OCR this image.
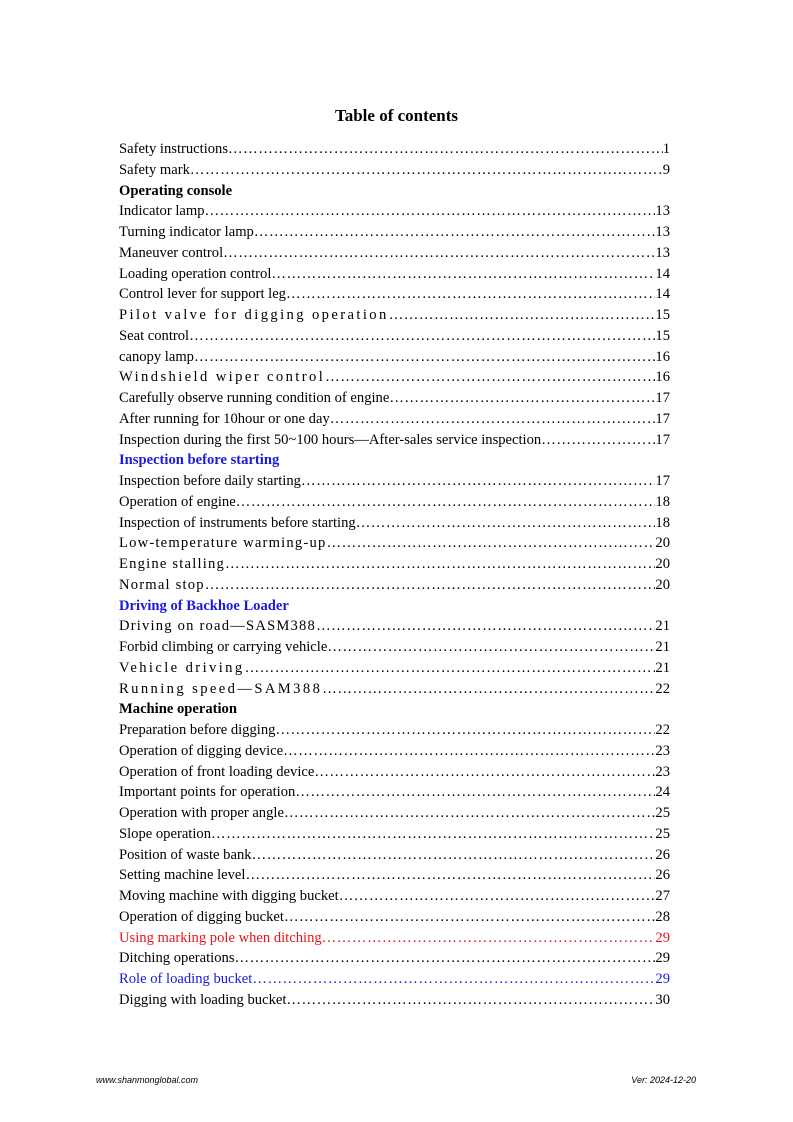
Table of contents
Safety instructions ……………………………………………………………………………………………………………………………………………………………………	1
Safety mark ……………………………………………………………………………………………………………………………………………………………………	9
Operating console
Indicator lamp ……………………………………………………………………………………………………………………………………………………………………	13
Turning indicator lamp ……………………………………………………………………………………………………………………………………………………………………	13
Maneuver control ……………………………………………………………………………………………………………………………………………………………………	13
Loading operation control ……………………………………………………………………………………………………………………………………………………………………	14
Control lever for support leg ……………………………………………………………………………………………………………………………………………………………………	14
Pilot valve for digging operation ……………………………………………………………………………………………………………………………………………………………………	15
Seat control ……………………………………………………………………………………………………………………………………………………………………	15
canopy lamp ……………………………………………………………………………………………………………………………………………………………………	16
Windshield wiper control ……………………………………………………………………………………………………………………………………………………………………	16
Carefully observe running condition of engine ……………………………………………………………………………………………………………………………………………………………………	17
After running for 10hour or one day ……………………………………………………………………………………………………………………………………………………………………	17
Inspection during the first 50~100 hours—After-sales service inspection ……………………………………………………………………………………………………………………………………………………………………	17
Inspection before starting
Inspection before daily starting ……………………………………………………………………………………………………………………………………………………………………	17
Operation of engine ……………………………………………………………………………………………………………………………………………………………………	18
Inspection of instruments before starting ……………………………………………………………………………………………………………………………………………………………………	18
Low-temperature warming-up ……………………………………………………………………………………………………………………………………………………………………	20
Engine stalling ……………………………………………………………………………………………………………………………………………………………………	20
Normal stop ……………………………………………………………………………………………………………………………………………………………………	20
Driving of Backhoe Loader
Driving on road—SASM388 ……………………………………………………………………………………………………………………………………………………………………	21
Forbid climbing or carrying vehicle ……………………………………………………………………………………………………………………………………………………………………	21
Vehicle driving ……………………………………………………………………………………………………………………………………………………………………	21
Running speed—SAM388 ……………………………………………………………………………………………………………………………………………………………………	22
Machine operation
Preparation before digging ……………………………………………………………………………………………………………………………………………………………………	22
Operation of digging device ……………………………………………………………………………………………………………………………………………………………………	23
Operation of front loading device ……………………………………………………………………………………………………………………………………………………………………	23
Important points for operation ……………………………………………………………………………………………………………………………………………………………………	24
Operation with proper angle ……………………………………………………………………………………………………………………………………………………………………	25
Slope operation ……………………………………………………………………………………………………………………………………………………………………	25
Position of waste bank ……………………………………………………………………………………………………………………………………………………………………	26
Setting machine level ……………………………………………………………………………………………………………………………………………………………………	26
Moving machine with digging bucket ……………………………………………………………………………………………………………………………………………………………………	27
Operation of digging bucket ……………………………………………………………………………………………………………………………………………………………………	28
Using marking pole when ditching ……………………………………………………………………………………………………………………………………………………………………	29
Ditching operations ……………………………………………………………………………………………………………………………………………………………………	29
Role of loading bucket ……………………………………………………………………………………………………………………………………………………………………	29
Digging with loading bucket ……………………………………………………………………………………………………………………………………………………………………	30
www.shanmonglobal.com	Ver: 2024-12-20
